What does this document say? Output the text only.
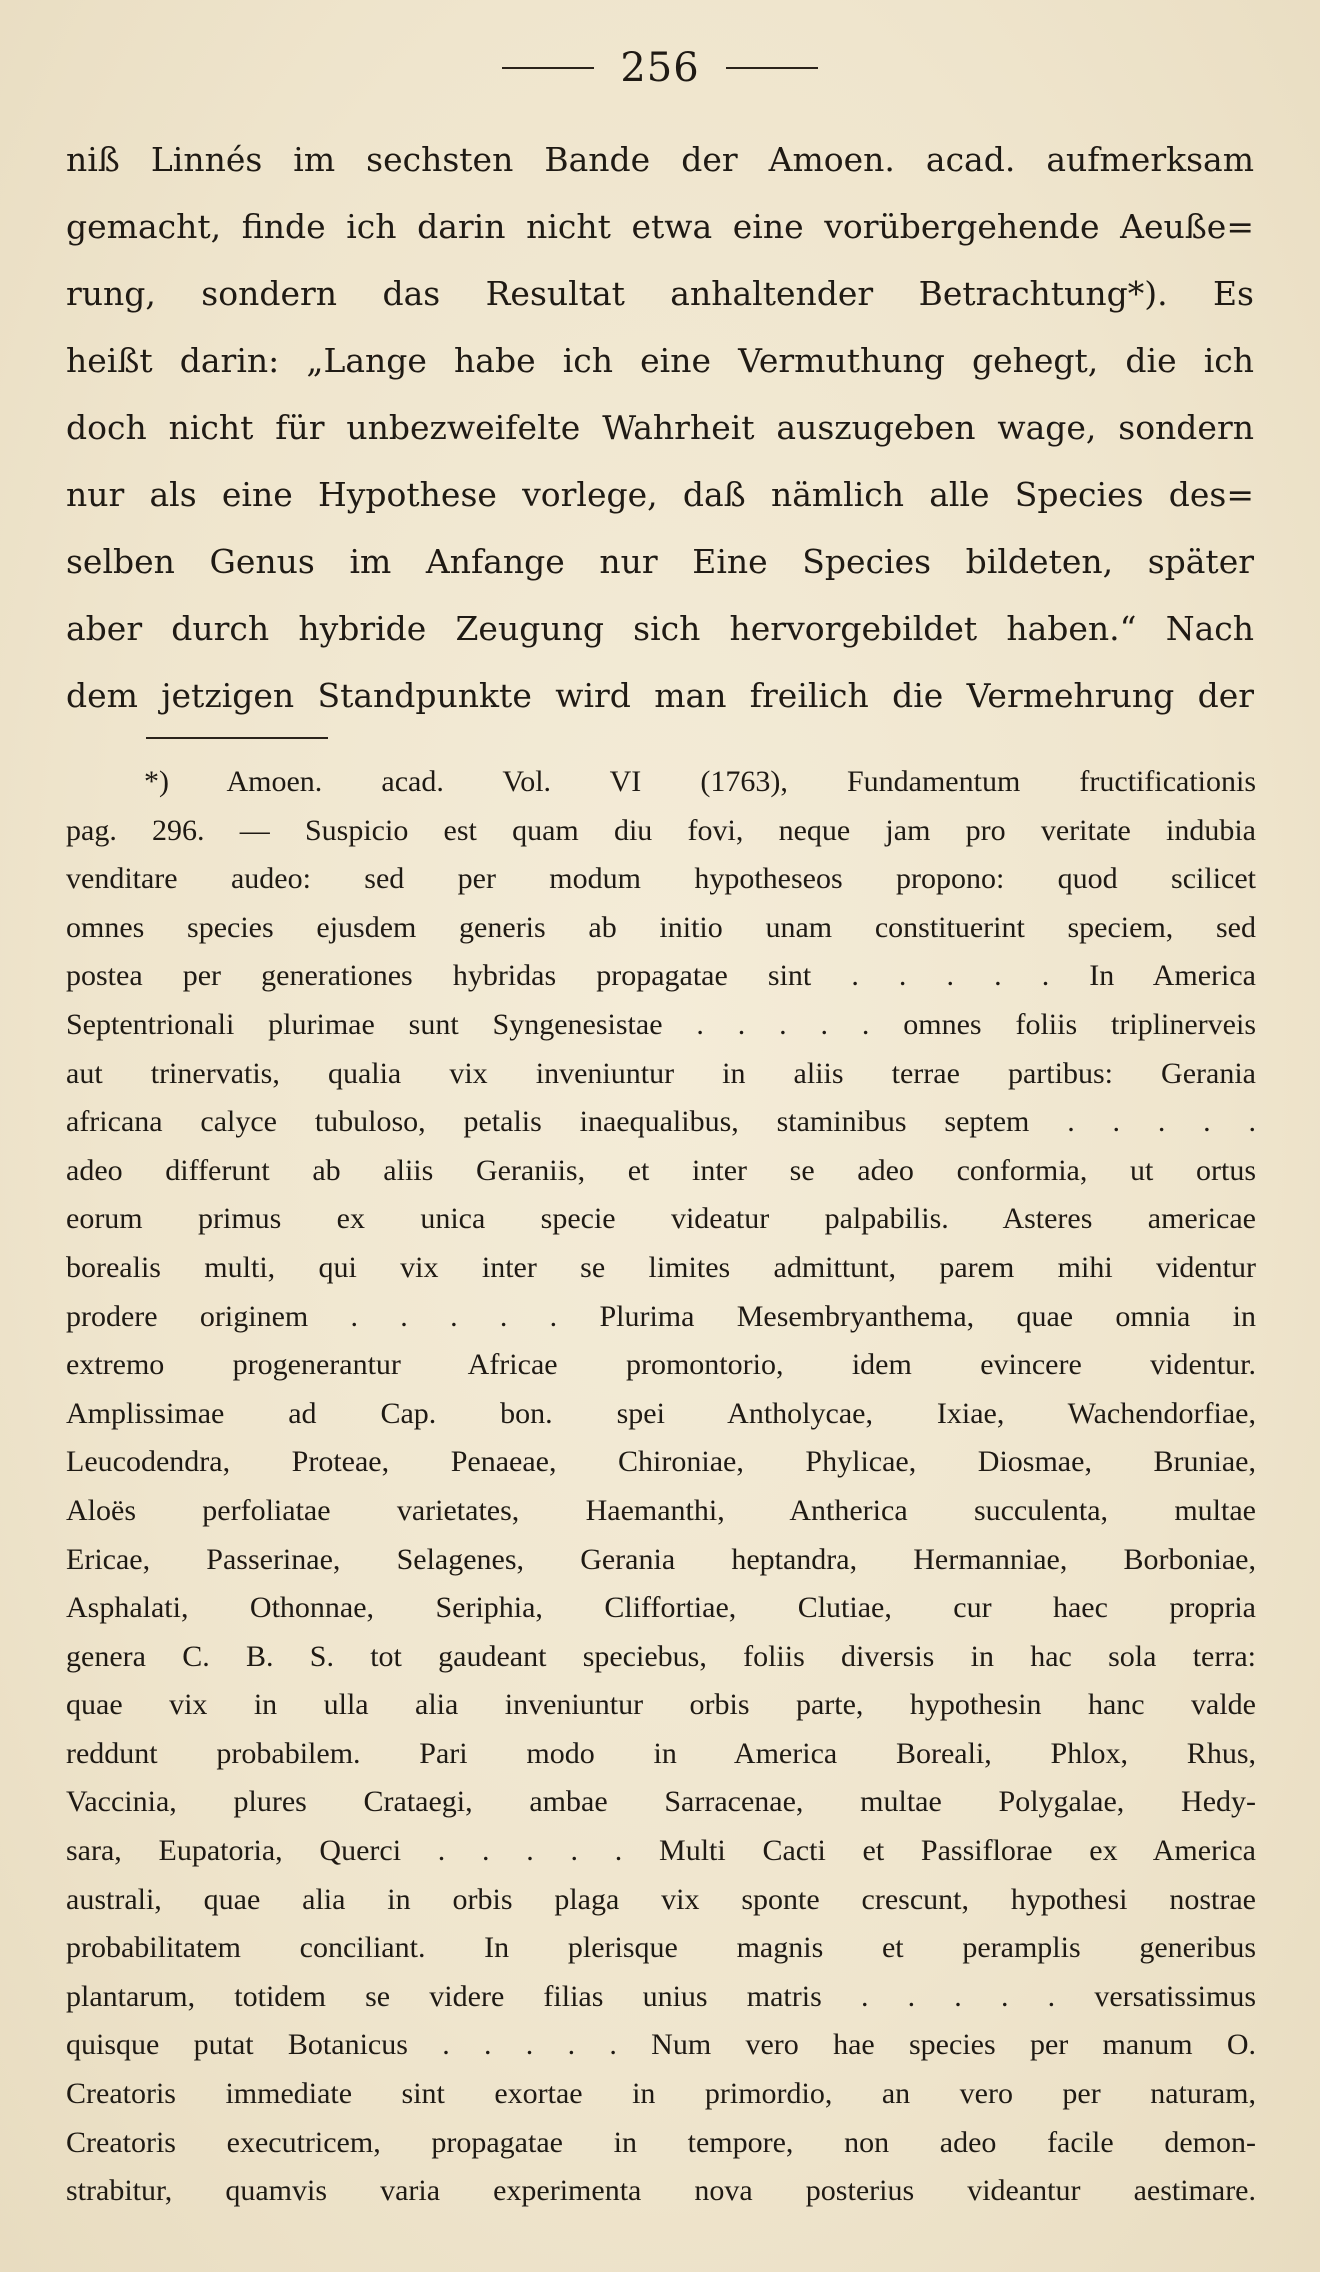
256
niß Linnés im sechsten Bande der Amoen. acad. aufmerksam
gemacht, finde ich darin nicht etwa eine vorübergehende Aeuße=
rung, sondern das Resultat anhaltender Betrachtung*). Es
heißt darin: „Lange habe ich eine Vermuthung gehegt, die ich
doch nicht für unbezweifelte Wahrheit auszugeben wage, sondern
nur als eine Hypothese vorlege, daß nämlich alle Species des=
selben Genus im Anfange nur Eine Species bildeten, später
aber durch hybride Zeugung sich hervorgebildet haben.“ Nach
dem jetzigen Standpunkte wird man freilich die Vermehrung der
*) Amoen. acad. Vol. VI (1763), Fundamentum fructificationis
pag. 296. — Suspicio est quam diu fovi, neque jam pro veritate indubia
venditare audeo: sed per modum hypotheseos propono: quod scilicet
omnes species ejusdem generis ab initio unam constituerint speciem, sed
postea per generationes hybridas propagatae sint . . . . . In America
Septentrionali plurimae sunt Syngenesistae . . . . . omnes foliis triplinerveis
aut trinervatis, qualia vix inveniuntur in aliis terrae partibus: Gerania
africana calyce tubuloso, petalis inaequalibus, staminibus septem . . . . .
adeo differunt ab aliis Geraniis, et inter se adeo conformia, ut ortus
eorum primus ex unica specie videatur palpabilis. Asteres americae
borealis multi, qui vix inter se limites admittunt, parem mihi videntur
prodere originem . . . . . Plurima Mesembryanthema, quae omnia in
extremo progenerantur Africae promontorio, idem evincere videntur.
Amplissimae ad Cap. bon. spei Antholycae, Ixiae, Wachendorfiae,
Leucodendra, Proteae, Penaeae, Chironiae, Phylicae, Diosmae, Bruniae,
Aloës perfoliatae varietates, Haemanthi, Antherica succulenta, multae
Ericae, Passerinae, Selagenes, Gerania heptandra, Hermanniae, Borboniae,
Asphalati, Othonnae, Seriphia, Cliffortiae, Clutiae, cur haec propria
genera C. B. S. tot gaudeant speciebus, foliis diversis in hac sola terra:
quae vix in ulla alia inveniuntur orbis parte, hypothesin hanc valde
reddunt probabilem. Pari modo in America Boreali, Phlox, Rhus,
Vaccinia, plures Crataegi, ambae Sarracenae, multae Polygalae, Hedy-
sara, Eupatoria, Querci . . . . . Multi Cacti et Passiflorae ex America
australi, quae alia in orbis plaga vix sponte crescunt, hypothesi nostrae
probabilitatem conciliant. In plerisque magnis et peramplis generibus
plantarum, totidem se videre filias unius matris . . . . . versatissimus
quisque putat Botanicus . . . . . Num vero hae species per manum O.
Creatoris immediate sint exortae in primordio, an vero per naturam,
Creatoris executricem, propagatae in tempore, non adeo facile demon-
strabitur, quamvis varia experimenta nova posterius videantur aestimare.
